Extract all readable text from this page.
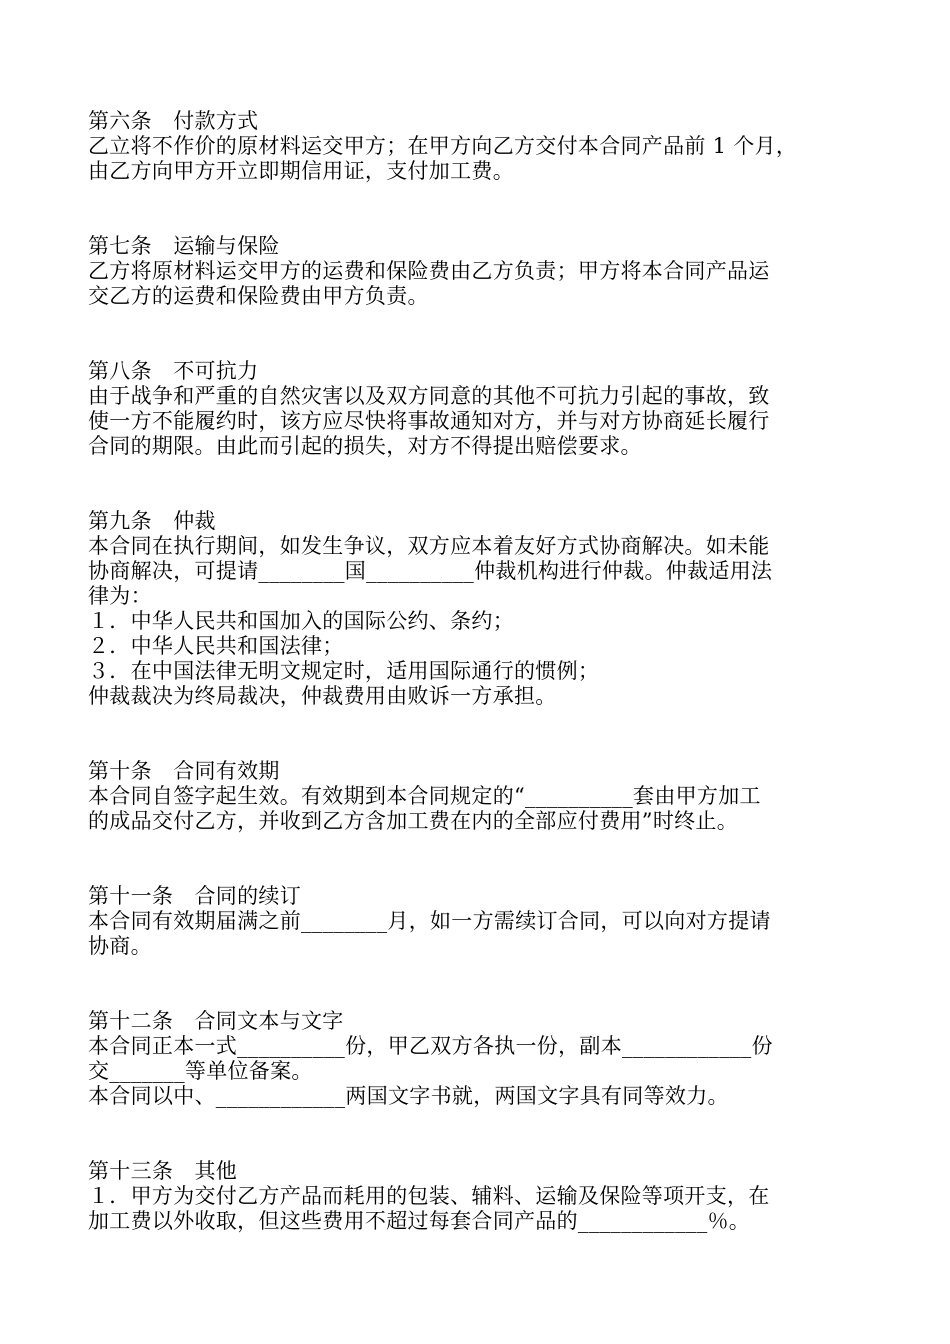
第六条　付款方式
乙立将不作价的原材料运交甲方；在甲方向乙方交付本合同产品前 1 个月，
由乙方向甲方开立即期信用证，支付加工费。
第七条　运输与保险
乙方将原材料运交甲方的运费和保险费由乙方负责；甲方将本合同产品运
交乙方的运费和保险费由甲方负责。
第八条　不可抗力
由于战争和严重的自然灾害以及双方同意的其他不可抗力引起的事故，致
使一方不能履约时，该方应尽快将事故通知对方，并与对方协商延长履行
合同的期限。由此而引起的损失，对方不得提出赔偿要求。
第九条　仲裁
本合同在执行期间，如发生争议，双方应本着友好方式协商解决。如未能
协商解决，可提请________国__________仲裁机构进行仲裁。仲裁适用法
律为：
１．中华人民共和国加入的国际公约、条约；
２．中华人民共和国法律；
３．在中国法律无明文规定时，适用国际通行的惯例；
仲裁裁决为终局裁决，仲裁费用由败诉一方承担。
第十条　合同有效期
本合同自签字起生效。有效期到本合同规定的“__________套由甲方加工
的成品交付乙方，并收到乙方含加工费在内的全部应付费用”时终止。
第十一条　合同的续订
本合同有效期届满之前________月，如一方需续订合同，可以向对方提请
协商。
第十二条　合同文本与文字
本合同正本一式__________份，甲乙双方各执一份，副本____________份
交_______等单位备案。
本合同以中、____________两国文字书就，两国文字具有同等效力。
第十三条　其他
１．甲方为交付乙方产品而耗用的包装、辅料、运输及保险等项开支，在
加工费以外收取，但这些费用不超过每套合同产品的____________％。
